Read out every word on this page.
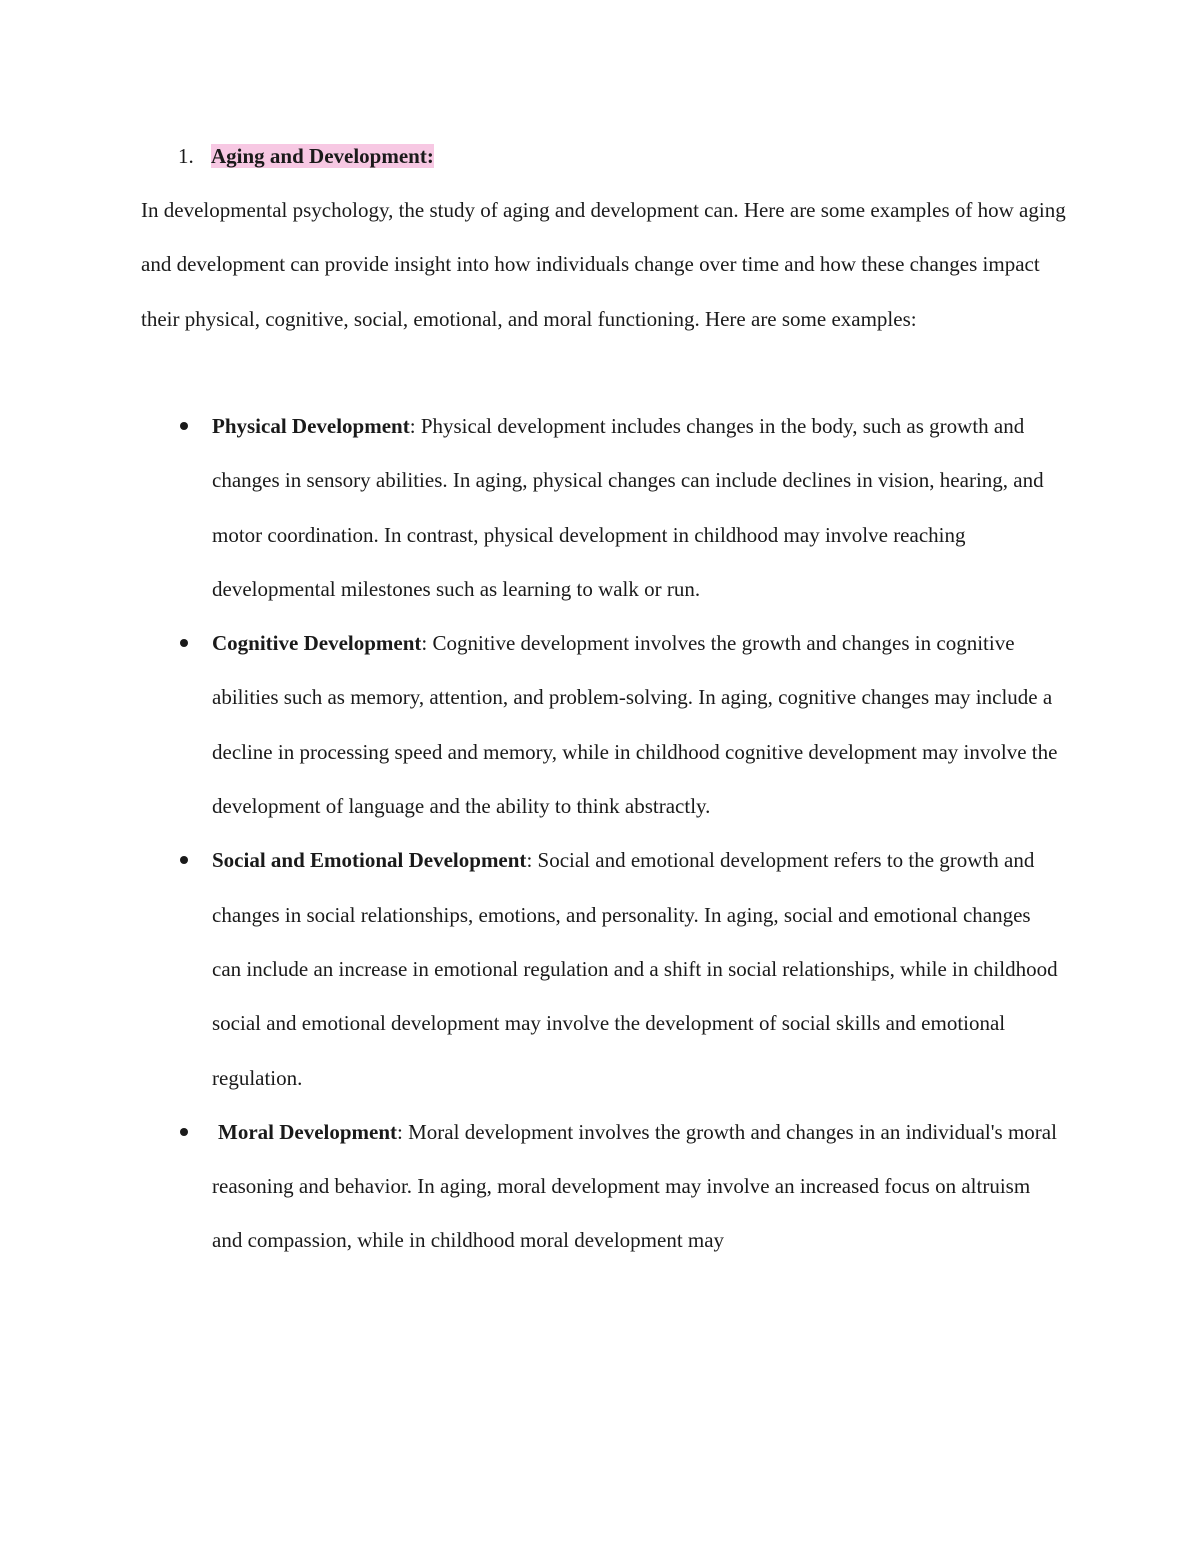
1. Aging and Development:

In developmental psychology, the study of aging and development can. Here are some examples of how aging and development can provide insight into how individuals change over time and how these changes impact their physical, cognitive, social, emotional, and moral functioning. Here are some examples:

Physical Development: Physical development includes changes in the body, such as growth and changes in sensory abilities. In aging, physical changes can include declines in vision, hearing, and motor coordination. In contrast, physical development in childhood may involve reaching developmental milestones such as learning to walk or run.
Cognitive Development: Cognitive development involves the growth and changes in cognitive abilities such as memory, attention, and problem-solving. In aging, cognitive changes may include a decline in processing speed and memory, while in childhood cognitive development may involve the development of language and the ability to think abstractly.
Social and Emotional Development: Social and emotional development refers to the growth and changes in social relationships, emotions, and personality. In aging, social and emotional changes can include an increase in emotional regulation and a shift in social relationships, while in childhood social and emotional development may involve the development of social skills and emotional regulation.
Moral Development: Moral development involves the growth and changes in an individual's moral reasoning and behavior. In aging, moral development may involve an increased focus on altruism and compassion, while in childhood moral development may
